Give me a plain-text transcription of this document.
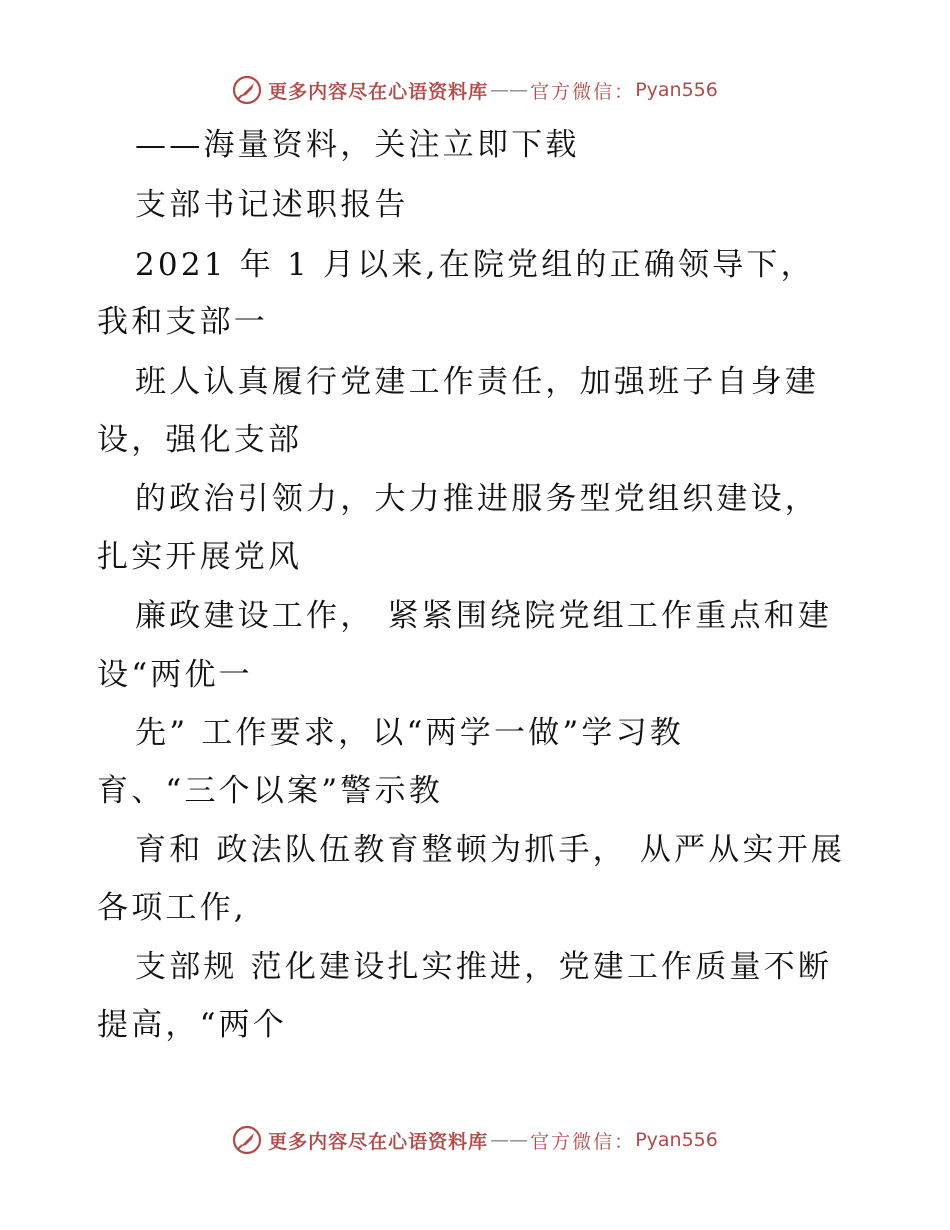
更多内容尽在心语资料库 —— 官方微信： Pyan556
——海量资料，关注立即下载
支部书记述职报告
2021 年 1 月以来,在院党组的正确领导下，
我和支部一
班人认真履行党建工作责任，加强班子自身建
设，强化支部
的政治引领力，大力推进服务型党组织建设，
扎实开展党风
廉政建设工作， 紧紧围绕院党组工作重点和建
设“两优一
先” 工作要求，以“两学一做”学习教
育、“三个以案”警示教
育和 政法队伍教育整顿为抓手， 从严从实开展
各项工作,
支部规 范化建设扎实推进，党建工作质量不断
提高，“两个
更多内容尽在心语资料库 —— 官方微信： Pyan556
